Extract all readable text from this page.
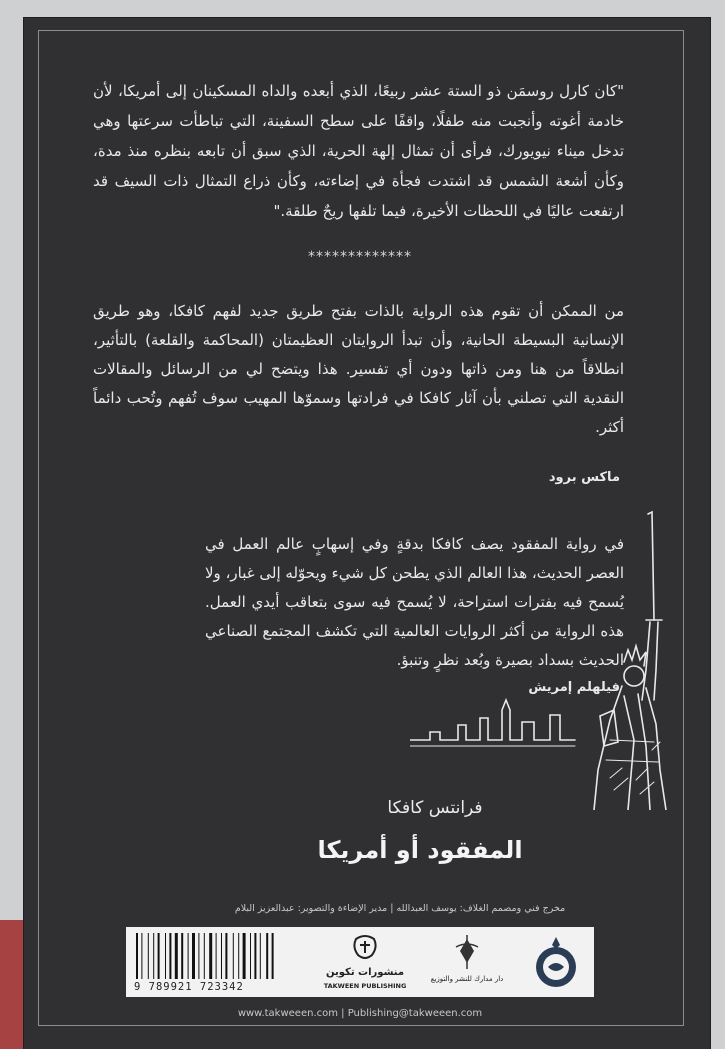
"كان كارل روسمَن ذو الستة عشر ربيعًا، الذي أبعده والداه المسكينان إلى أمريكا، لأن خادمة أغوته وأنجبت منه طفلًا، واقفًا على سطح السفينة، التي تباطأت سرعتها وهي تدخل ميناء نيويورك، فرأى أن تمثال إلهة الحرية، الذي سبق أن تابعه بنظره منذ مدة، وكأن أشعة الشمس قد اشتدت فجأة في إضاءته، وكأن ذراع التمثال ذات السيف قد ارتفعت عاليًا في اللحظات الأخيرة، فيما تلفها ريحٌ طلقة."
*************
من الممكن أن تقوم هذه الرواية بالذات بفتح طريق جديد لفهم كافكا، وهو طريق الإنسانية البسيطة الحانية، وأن تبدأ الروايتان العظيمتان (المحاكمة والقلعة) بالتأثير، انطلاقاً من هنا ومن ذاتها ودون أي تفسير. هذا ويتضح لي من الرسائل والمقالات النقدية التي تصلني بأن آثار كافكا في فرادتها وسموّها المهيب سوف تُفهم وتُحب دائماً أكثر.
ماكس برود
في رواية المفقود يصف كافكا بدقةٍ وفي إسهابٍ عالم العمل في العصر الحديث، هذا العالم الذي يطحن كل شيء ويحوّله إلى غبار، ولا يُسمح فيه بفترات استراحة، لا يُسمح فيه سوى بتعاقب أيدي العمل. هذه الرواية من أكثر الروايات العالمية التي تكشف المجتمع الصناعي الحديث بسداد بصيرة وبُعد نظرٍ وتنبؤ.
فيلهلم إمريش
فرانتس كافكا
المفقود أو أمريكا
مخرج فني ومصمم الغلاف: يوسف العبدالله | مدير الإضاءة والتصوير: عبدالعزيز البلام
9 789921 723342
منشورات تكوين
TAKWEEN PUBLISHING
دار مدارك للنشر والتوزيع
www.takweeen.com | Publishing@takweeen.com
